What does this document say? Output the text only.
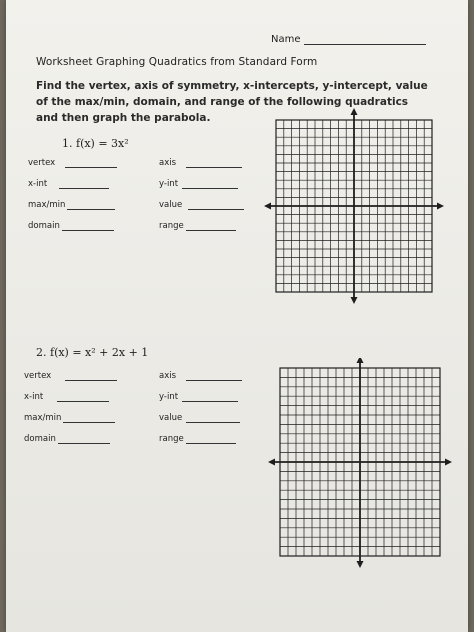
Name
Worksheet Graphing Quadratics from Standard Form
Find the vertex, axis of symmetry, x-intercepts, y-intercept, value of the max/min, domain, and range of the following quadratics and then graph the parabola.
1. f(x) = 3x²
vertex	axis
x-int	y-int
max/min	value
domain	range
2. f(x) = x² + 2x + 1
vertex	axis
x-int	y-int
max/min	value
domain	range
